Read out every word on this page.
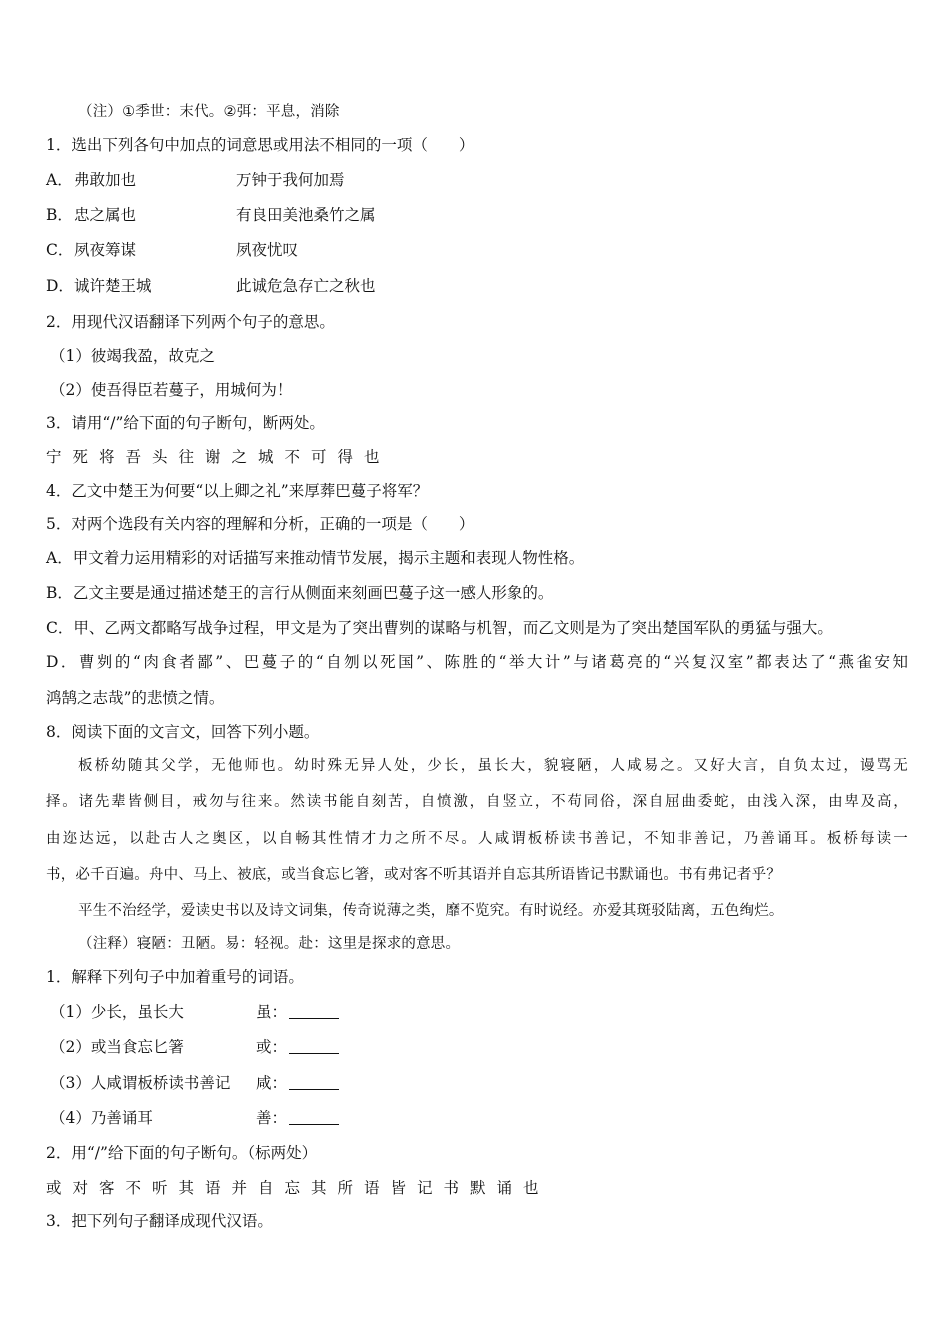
（注）①季世：末代。②弭：平息，消除
1．选出下列各句中加点的词意思或用法不相同的一项（　　）
A．弗敢加也	万钟于我何加焉
B．忠之属也	有良田美池桑竹之属
C．夙夜筹谋	夙夜忧叹
D．诚许楚王城	此诚危急存亡之秋也
2．用现代汉语翻译下列两个句子的意思。
（1）彼竭我盈，故克之
（2）使吾得臣若蔓子，用城何为！
3．请用“/”给下面的句子断句，断两处。
宁死将吾头往谢之城不可得也
4．乙文中楚王为何要“以上卿之礼”来厚葬巴蔓子将军？
5．对两个选段有关内容的理解和分析，正确的一项是（　　）
A．甲文着力运用精彩的对话描写来推动情节发展，揭示主题和表现人物性格。
B．乙文主要是通过描述楚王的言行从侧面来刻画巴蔓子这一感人形象的。
C．甲、乙两文都略写战争过程，甲文是为了突出曹刿的谋略与机智，而乙文则是为了突出楚国军队的勇猛与强大。
D．曹刿的“肉食者鄙”、巴蔓子的“自刎以死国”、陈胜的“举大计”与诸葛亮的“兴复汉室”都表达了“燕雀安知
鸿鹄之志哉”的悲愤之情。
8．阅读下面的文言文，回答下列小题。
板桥幼随其父学，无他师也。幼时殊无异人处，少长，虽长大，貌寝陋，人咸易之。又好大言，自负太过，谩骂无
择。诸先辈皆侧目，戒勿与往来。然读书能自刻苦，自愤激，自竖立，不苟同俗，深自屈曲委蛇，由浅入深，由卑及高，
由迩达远，以赴古人之奥区，以自畅其性情才力之所不尽。人咸谓板桥读书善记，不知非善记，乃善诵耳。板桥每读一
书，必千百遍。舟中、马上、被底，或当食忘匕箸，或对客不听其语并自忘其所语皆记书默诵也。书有弗记者乎？
平生不治经学，爱读史书以及诗文词集，传奇说薄之类，靡不览究。有时说经。亦爱其斑驳陆离，五色绚烂。
（注释）寝陋：丑陋。易：轻视。赴：这里是探求的意思。
1．解释下列句子中加着重号的词语。
（1）少长，虽长大	虽：
（2）或当食忘匕箸	或：
（3）人咸谓板桥读书善记 咸：
（4）乃善诵耳	善：
2．用“/”给下面的句子断句。（标两处）
或对客不听其语并自忘其所语皆记书默诵也
3．把下列句子翻译成现代汉语。
